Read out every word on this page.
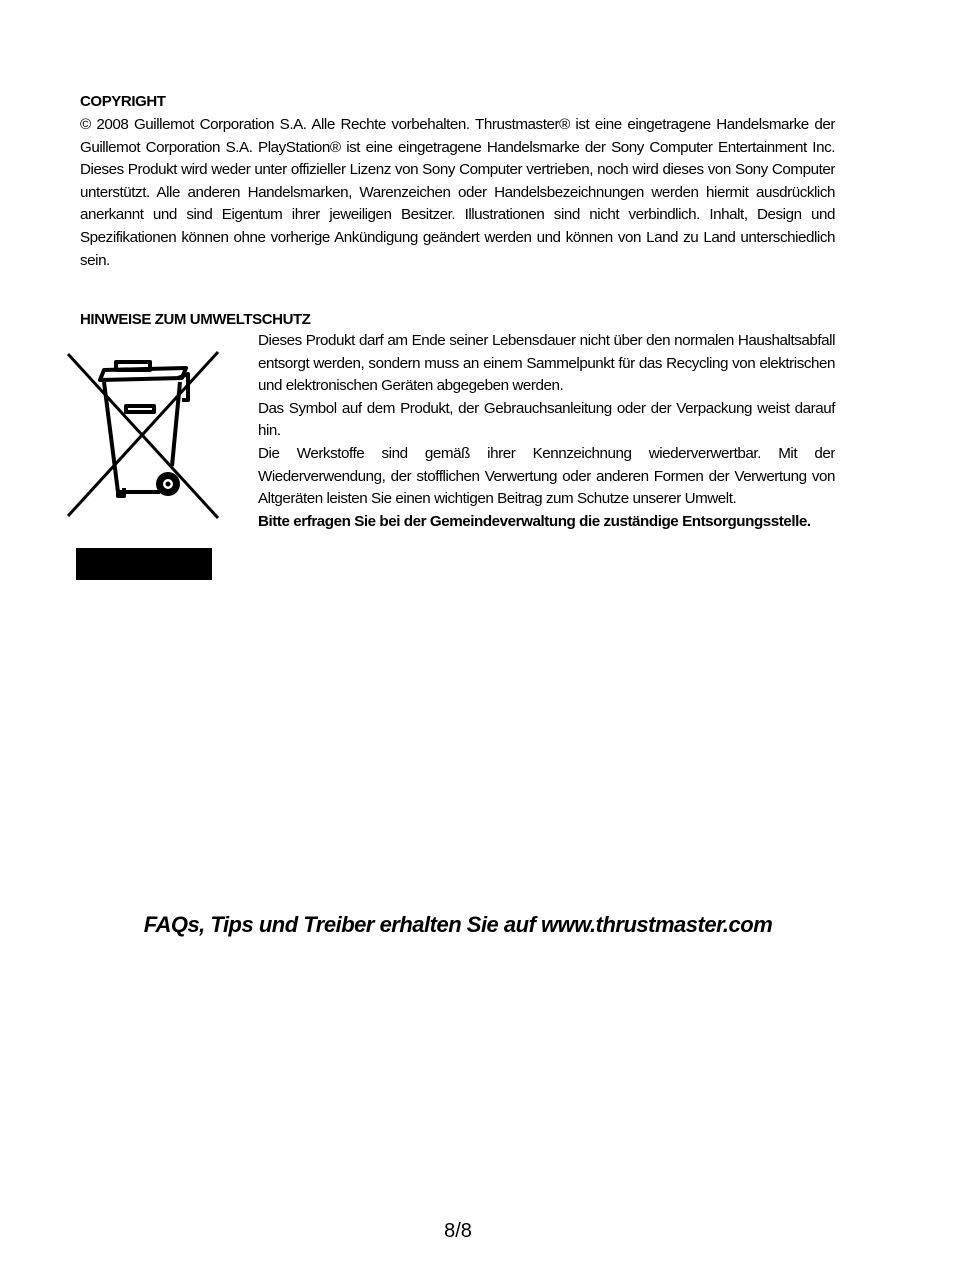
COPYRIGHT

© 2008 Guillemot Corporation S.A. Alle Rechte vorbehalten. Thrustmaster® ist eine eingetragene Handelsmarke der Guillemot Corporation S.A. PlayStation® ist eine eingetragene Handelsmarke der Sony Computer Entertainment Inc. Dieses Produkt wird weder unter offizieller Lizenz von Sony Computer vertrieben, noch wird dieses von Sony Computer unterstützt. Alle anderen Handelsmarken, Warenzeichen oder Handelsbezeichnungen werden hiermit ausdrücklich anerkannt und sind Eigentum ihrer jeweiligen Besitzer. Illustrationen sind nicht verbindlich. Inhalt, Design und Spezifikationen können ohne vorherige Ankündigung geändert werden und können von Land zu Land unterschiedlich sein.

HINWEISE ZUM UMWELTSCHUTZ

Dieses Produkt darf am Ende seiner Lebensdauer nicht über den normalen Haushaltsabfall entsorgt werden, sondern muss an einem Sammelpunkt für das Recycling von elektrischen und elektronischen Geräten abgegeben werden.

Das Symbol auf dem Produkt, der Gebrauchsanleitung oder der Verpackung weist darauf hin.

Die Werkstoffe sind gemäß ihrer Kennzeichnung wiederverwertbar. Mit der Wiederverwendung, der stofflichen Verwertung oder anderen Formen der Verwertung von Altgeräten leisten Sie einen wichtigen Beitrag zum Schutze unserer Umwelt.

Bitte erfragen Sie bei der Gemeindeverwaltung die zuständige Entsorgungsstelle.

FAQs, Tips und Treiber erhalten Sie auf www.thrustmaster.com
8/8
